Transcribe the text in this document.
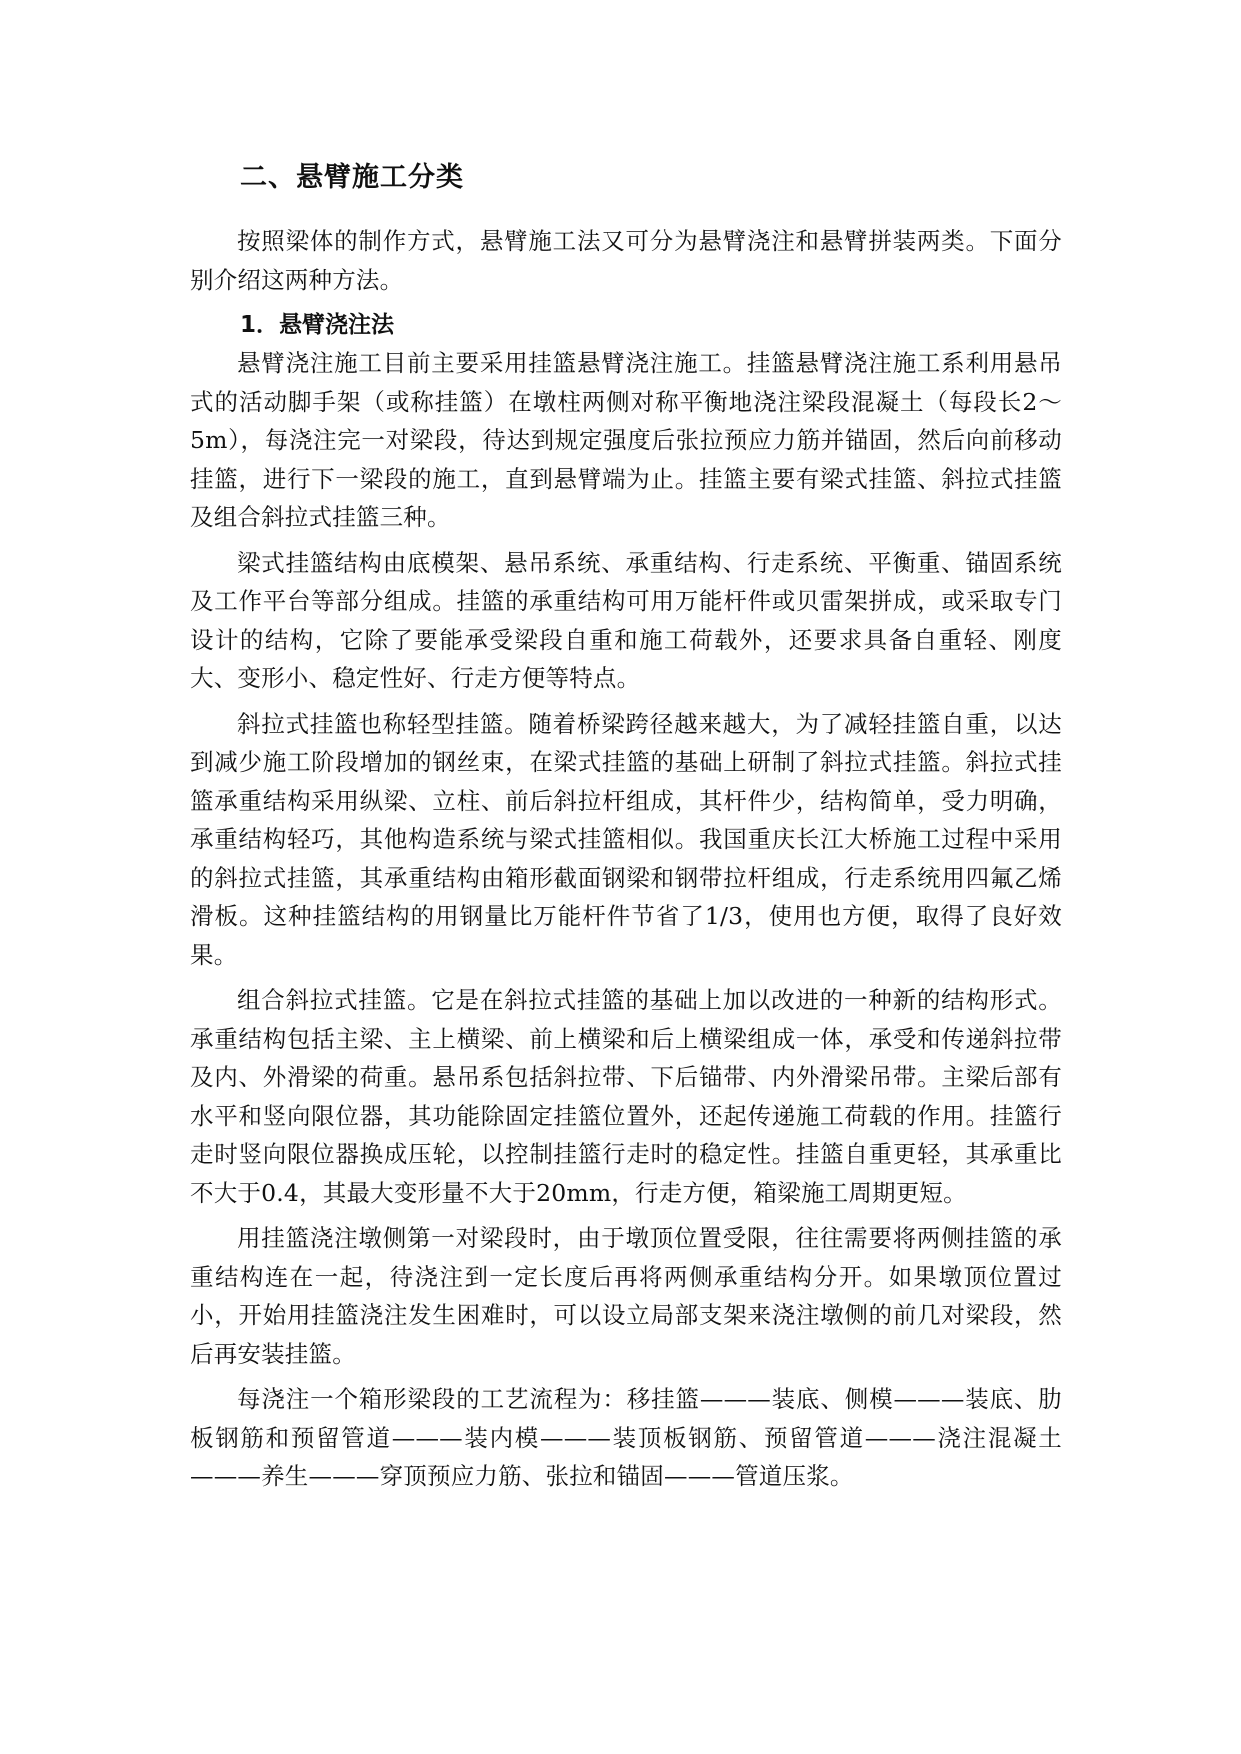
二、悬臂施工分类

按照梁体的制作方式，悬臂施工法又可分为悬臂浇注和悬臂拼装两类。下面分别介绍这两种方法。

1．悬臂浇注法

悬臂浇注施工目前主要采用挂篮悬臂浇注施工。挂篮悬臂浇注施工系利用悬吊式的活动脚手架（或称挂篮）在墩柱两侧对称平衡地浇注梁段混凝土（每段长2～5m），每浇注完一对梁段，待达到规定强度后张拉预应力筋并锚固，然后向前移动挂篮，进行下一梁段的施工，直到悬臂端为止。挂篮主要有梁式挂篮、斜拉式挂篮及组合斜拉式挂篮三种。

梁式挂篮结构由底模架、悬吊系统、承重结构、行走系统、平衡重、锚固系统及工作平台等部分组成。挂篮的承重结构可用万能杆件或贝雷架拼成，或采取专门设计的结构，它除了要能承受梁段自重和施工荷载外，还要求具备自重轻、刚度大、变形小、稳定性好、行走方便等特点。

斜拉式挂篮也称轻型挂篮。随着桥梁跨径越来越大，为了减轻挂篮自重，以达到减少施工阶段增加的钢丝束，在梁式挂篮的基础上研制了斜拉式挂篮。斜拉式挂篮承重结构采用纵梁、立柱、前后斜拉杆组成，其杆件少，结构简单，受力明确，承重结构轻巧，其他构造系统与梁式挂篮相似。我国重庆长江大桥施工过程中采用的斜拉式挂篮，其承重结构由箱形截面钢梁和钢带拉杆组成，行走系统用四氟乙烯滑板。这种挂篮结构的用钢量比万能杆件节省了1/3，使用也方便，取得了良好效果。

组合斜拉式挂篮。它是在斜拉式挂篮的基础上加以改进的一种新的结构形式。承重结构包括主梁、主上横梁、前上横梁和后上横梁组成一体，承受和传递斜拉带及内、外滑梁的荷重。悬吊系包括斜拉带、下后锚带、内外滑梁吊带。主梁后部有水平和竖向限位器，其功能除固定挂篮位置外，还起传递施工荷载的作用。挂篮行走时竖向限位器换成压轮，以控制挂篮行走时的稳定性。挂篮自重更轻，其承重比不大于0.4，其最大变形量不大于20mm，行走方便，箱梁施工周期更短。

用挂篮浇注墩侧第一对梁段时，由于墩顶位置受限，往往需要将两侧挂篮的承重结构连在一起，待浇注到一定长度后再将两侧承重结构分开。如果墩顶位置过小，开始用挂篮浇注发生困难时，可以设立局部支架来浇注墩侧的前几对梁段，然后再安装挂篮。

每浇注一个箱形梁段的工艺流程为：移挂篮———装底、侧模———装底、肋板钢筋和预留管道———装内模———装顶板钢筋、预留管道———浇注混凝土———养生———穿顶预应力筋、张拉和锚固———管道压浆。
